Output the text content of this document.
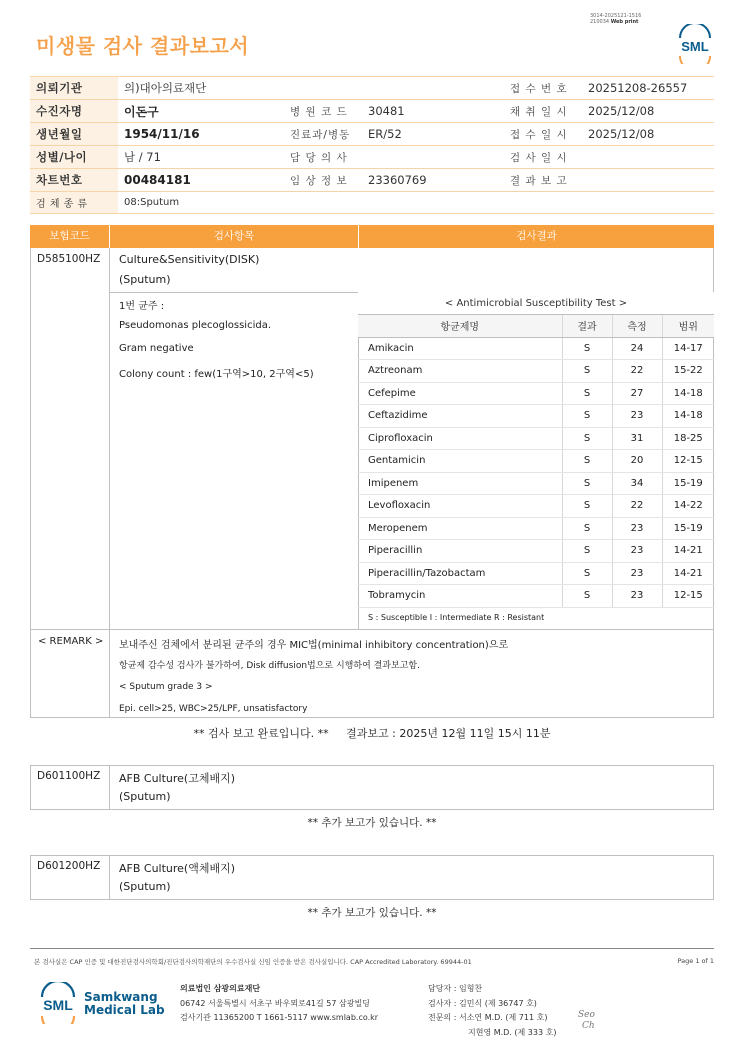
미생물 검사 결과보고서
3014-2025121-1516
210034 Web print
SML
의뢰기관	의)대아의료재단			접 수 번 호	20251208-26557
수진자명	이돈구	병 원 코 드	30481	채 취 일 시	2025/12/08
생년월일	1954/11/16	진료과/병동	ER/52	접 수 일 시	2025/12/08
성별/나이	남 / 71	담 당 의 사		검 사 일 시	
차트번호	00484181	임 상 정 보	23360769	결 과 보 고	
검 체 종 류	08:Sputum				
보험코드	검사항목	검사결과
D585100HZ Culture&Sensitivity(DISK)
(Sputum)
1번 균주 :
Pseudomonas plecoglossicida.
Gram negative
Colony count : few(1구역>10, 2구역<5)
< Antimicrobial Susceptibility Test >			
항균제명	결과	측정	범위
Amikacin	S	24	14-17
Aztreonam	S	22	15-22
Cefepime	S	27	14-18
Ceftazidime	S	23	14-18
Ciprofloxacin	S	31	18-25
Gentamicin	S	20	12-15
Imipenem	S	34	15-19
Levofloxacin	S	22	14-22
Meropenem	S	23	15-19
Piperacillin	S	23	14-21
Piperacillin/Tazobactam	S	23	14-21
Tobramycin	S	23	12-15
S : Susceptible I : Intermediate R : Resistant			
< REMARK > 보내주신 검체에서 분리된 균주의 경우 MIC법(minimal inhibitory concentration)으로
항균제 감수성 검사가 불가하여, Disk diffusion법으로 시행하여 결과보고함.
< Sputum grade 3 >
Epi. cell>25, WBC>25/LPF, unsatisfactory
** 검사 보고 완료입니다. **     결과보고 : 2025년 12월 11일 15시 11분
D601100HZ AFB Culture(고체배지)
(Sputum)
** 추가 보고가 있습니다. **
D601200HZ AFB Culture(액체배지)
(Sputum)
** 추가 보고가 있습니다. **
본 검사실은 CAP 인증 및 대한진단검사의학회/진단검사의학재단의 우수검사실 신임 인증을 받은 검사실입니다. CAP Accredited Laboratory. 69944-01	Page 1 of 1
SML Samkwang
Medical Lab
의료법인 삼광의료재단
06742 서울특별시 서초구 바우뫼로41길 57 삼광빌딩
검사기관 11365200 T 1661-5117 www.smlab.co.kr
담당자 : 임형찬
검사자 : 김민식 (제 36747 호)
전문의 : 서소연 M.D. (제 711 호)
지현영 M.D. (제 333 호)
Seo
Ch
